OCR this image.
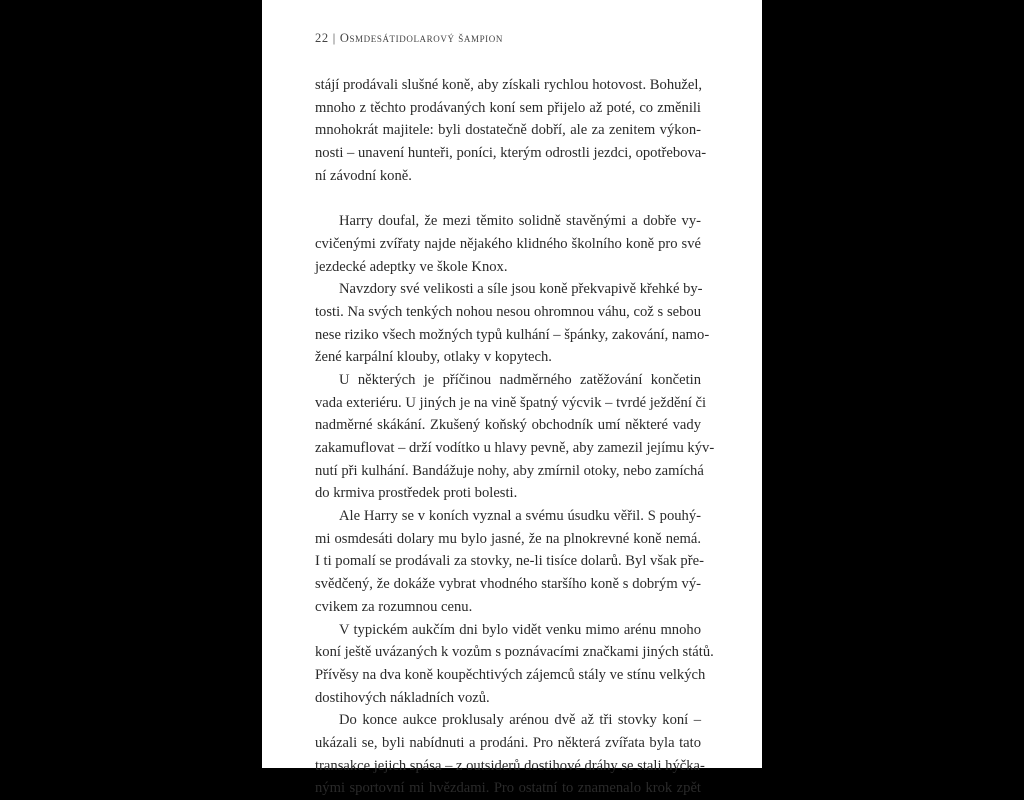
22 | Osmdesátidolarový šampion
stájí prodávali slušné koně, aby získali rychlou hotovost. Bohužel,
mnoho z těchto prodávaných koní sem přijelo až poté, co změnili
mnohokrát majitele: byli dostatečně dobří, ale za zenitem výkon-
nosti – unavení hunteři, poníci, kterým odrostli jezdci, opotřebova-
ní závodní koně.
Harry doufal, že mezi těmito solidně stavěnými a dobře vy-
cvičenými zvířaty najde nějakého klidného školního koně pro své
jezdecké adeptky ve škole Knox.
Navzdory své velikosti a síle jsou koně překvapivě křehké by-
tosti. Na svých tenkých nohou nesou ohromnou váhu, což s sebou
nese riziko všech možných typů kulhání – špánky, zakování, namo-
žené karpální klouby, otlaky v kopytech.
U některých je příčinou nadměrného zatěžování končetin
vada exteriéru. U jiných je na vině špatný výcvik – tvrdé ježdění či
nadměrné skákání. Zkušený koňský obchodník umí některé vady
zakamuflovat – drží vodítko u hlavy pevně, aby zamezil jejímu kýv-
nutí při kulhání. Bandážuje nohy, aby zmírnil otoky, nebo zamíchá
do krmiva prostředek proti bolesti.
Ale Harry se v koních vyznal a svému úsudku věřil. S pouhý-
mi osmdesáti dolary mu bylo jasné, že na plnokrevné koně nemá.
I ti pomalí se prodávali za stovky, ne-li tisíce dolarů. Byl však pře-
svědčený, že dokáže vybrat vhodného staršího koně s dobrým vý-
cvikem za rozumnou cenu.
V typickém aukčím dni bylo vidět venku mimo arénu mnoho
koní ještě uvázaných k vozům s poznávacími značkami jiných států.
Přívěsy na dva koně koupěchtivých zájemců stály ve stínu velkých
dostihových nákladních vozů.
Do konce aukce proklusaly arénou dvě až tři stovky koní –
ukázali se, byli nabídnuti a prodáni. Pro některá zvířata byla tato
transakce jejich spása – z outsiderů dostihové dráhy se stali hýčka-
nými sportovní mi hvězdami. Pro ostatní to znamenalo krok zpět
